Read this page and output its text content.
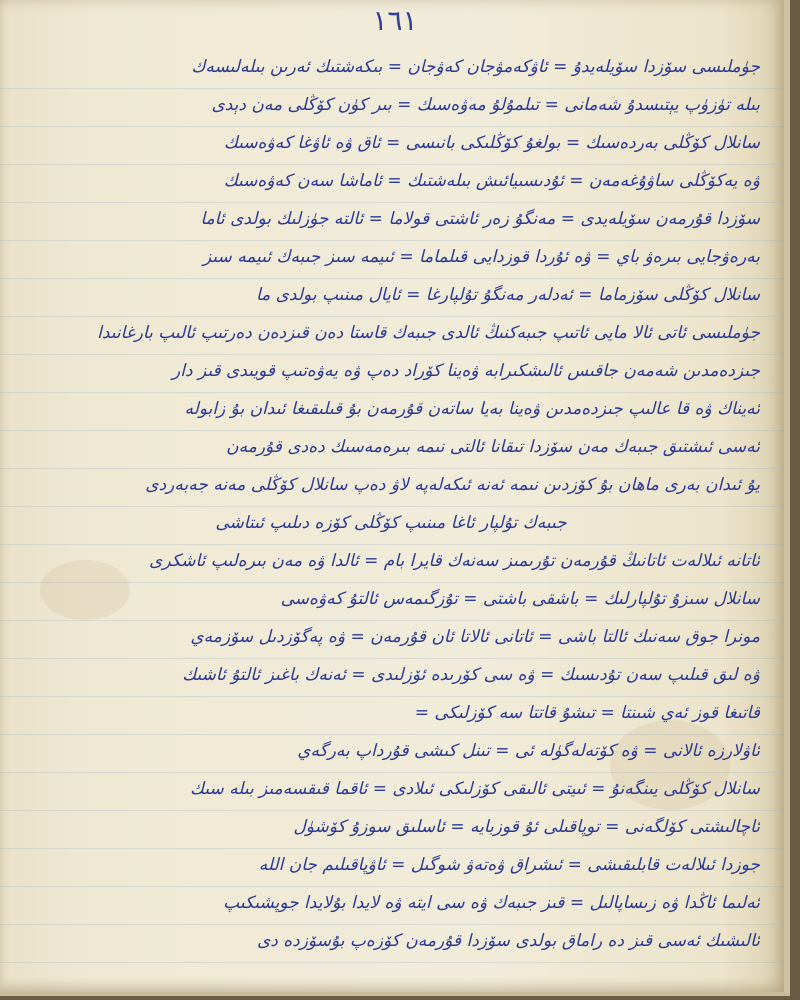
١٦١
جۈملىسى سۆزدا سۆيلەيدۇ = ئاۋكەمۋجان كەۋجان = بىكەشتىك ئەرىن بىلەلىسەك
بىلە تۈزۈپ يېتىسدۇ شەمانى = تىلمۇلۇ مەۋەسىك = بىر كۈن كۆڭلى مەن دېدى
سانلال كۆڭلى بەردەسىك = بولغۇ كۆڭلىكى بانىسى = ئاق ۋە ئاۋغا كەۋەسىك
ۋە يەكۆڭلى ساۋۇغەمەن = ئۇدىسىيائىش بىلەشتىك = ئاماشا سەن كەۋەسىك
سۆزدا قۇرمەن سۆيلەيدى = مەنگۇ زەر ئاشتى قولاما = ئالتە جۈزلىك بولدى ئاما
بەرەۋجايى بىرەۋ باي = ۋە ئۇردا قوزدايى قىلماما = ئىيمە سىز جىبەك ئىيمە سىز
سانلال كۆڭلى سۆزماما = ئەدلەر مەنگۇ تۇلپارغا = ئايال مىنىپ بولدى ما
جۈملىسى ئاتى ئالا مايى ئاتىپ جىبەكنىڭ ئالدى جىبەك قاستا دەن قىزدەن دەرتىپ ئالىپ بارغانىدا
جىزدەمدىن شەمەن جاقىس ئالىشكىرابە ۋەينا كۆراد دەپ ۋە يەۋەتىپ قويىدى قىز دار
ئەيناك ۋە قا عالىپ جىزدەمدىن ۋەينا بەيا ساتەن قۇرمەن بۇ قىلىقىغا ئىدان بۇ زابولە
ئەسى ئىشتىق جىبەك مەن سۆزدا تىقانا ئالتى نىمە بىرەمەسىك دەدى قۇرمەن
يۇ ئىدان بەرى ماھان بۇ كۆزدىن نىمە ئەنە ئىكەلەپە لاۋ دەپ سانلال كۆڭلى مەنە جەبەردى
جىبەك تۇلپار ئاغا مىنىپ كۆڭلى كۆزە دىلىپ ئىتاشى
ئاتانە ئىلالەت ئاتانىڭ قۇرمەن تۇرىمىز سەنەك قايرا بام = ئالدا ۋە مەن بىرەلىپ ئاشكرى
سانلال سىزۇ تۇلپارلىك = باشقى باشتى = تۇزگىمەس ئالتۇ كەۋەسى
مونرا جوق سەنىك ئالتا باشى = ئاتانى ئالاتا ئان قۇرمەن = ۋە پەگۆزدىل سۆزمەي
ۋە لىق قىلىپ سەن تۇدىسىك = ۋە سى كۆرىدە ئۆزلىدى = ئەنەك باغىز ئالتۇ ئاشىك
قاتىغا قوز ئەي شىنتا = تىشۇ قاتتا سە كۆزلىكى =
ئاۋلارزە ئالانى = ۋە كۆتەلەگۈلە ئى = تىنل كىشى قۇرداپ بەرگەي
سانلال كۆڭلى يىنگەنۇ = ئىيتى ئالىقى كۆزلىكى ئىلادى = ئاقما قىقسەمىز بىلە سىك
ئاچالىشتى كۆلگەنى = توپاقىلى ئۇ قوزبايە = ئاسلىق سوزۇ كۆشۈل
جوزدا ئىلالەت قابلىقىشى = ئىشراق ۋەتەۋ شوگىل = ئاۋپاقىلىم جان اللە
ئەلىما ئاڭدا ۋە زىساپالىل = قىز جىبەك ۋە سى ايتە ۋە لايدا بۇلايدا جوپشىكىپ
ئالىشىك ئەسى قىز دە راماق بولدى سۆزدا قۇرمەن كۆزەپ بۇسۆزدە دى
